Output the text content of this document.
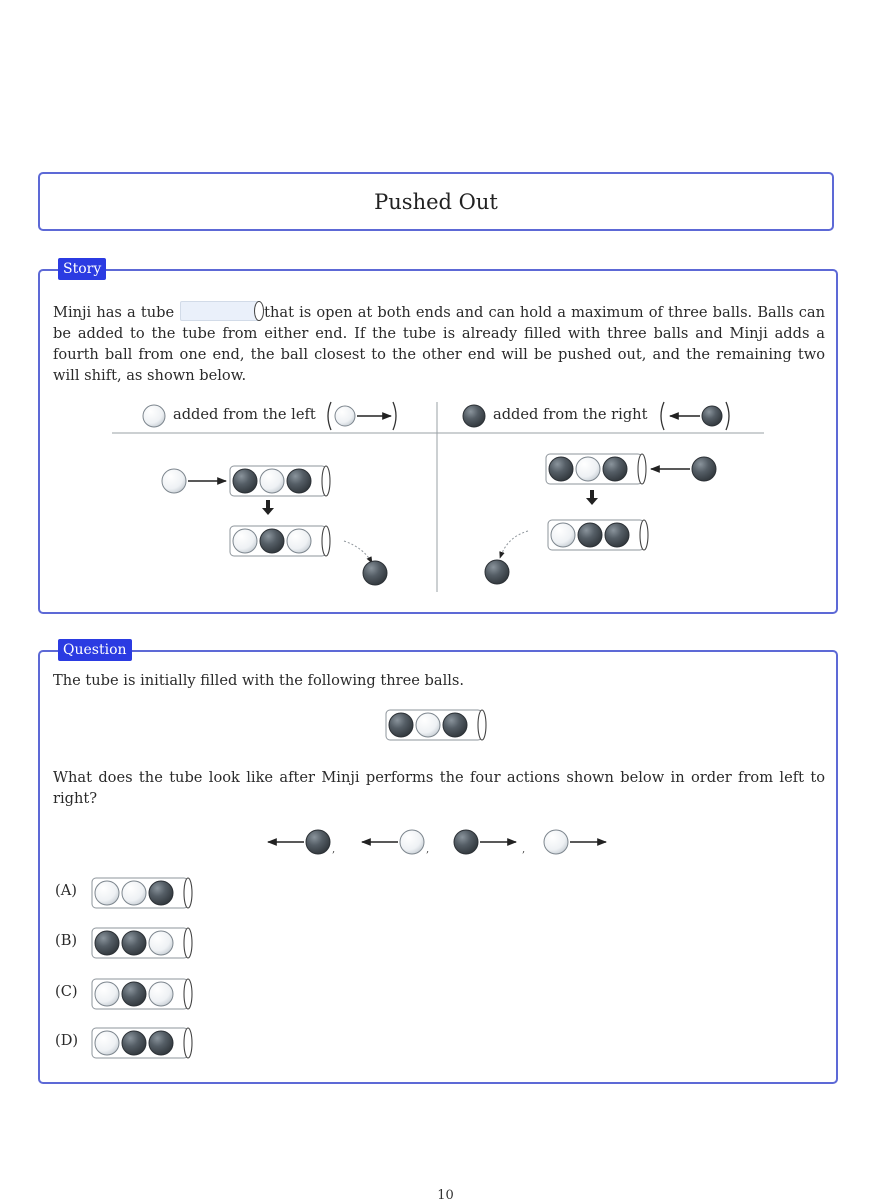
Pushed Out
Story
Minji has a tube	that is open at both ends and can hold a maximum of three balls. Balls can be added to the tube from either end. If the tube is already filled with three balls and Minji adds a fourth ball from one end, the ball closest to the other end will be pushed out, and the remaining two will shift, as shown below.
added from the left	added from the right
Question
The tube is initially filled with the following three balls.
What does the tube look like after Minji performs the four actions shown below in order from left to right?
(A)
(B)
(C)
(D)
10
,	,	,
